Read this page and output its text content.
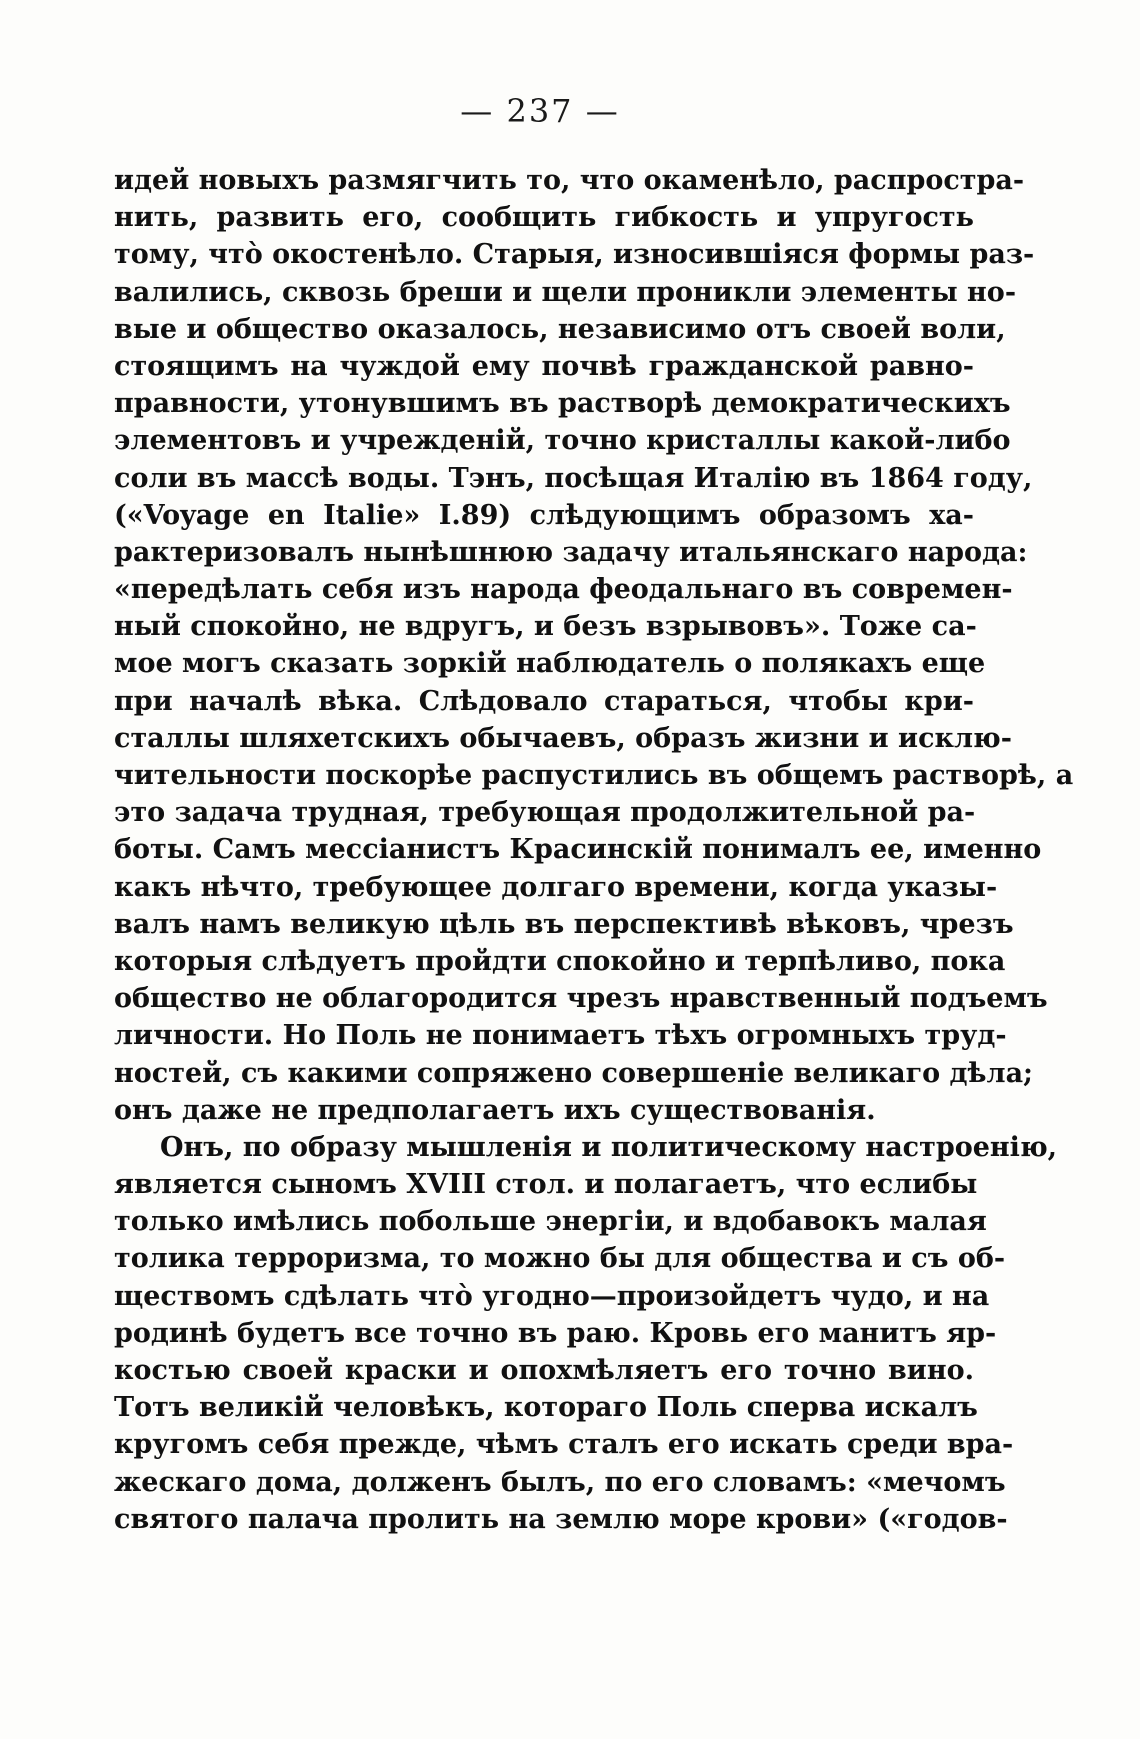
— 237 —
идей новыхъ размягчить то, что окаменѣло, распростра-
нить, развить его, сообщить гибкость и упругость
тому, что̀ окостенѣло. Старыя, износившіяся формы раз-
валились, сквозь бреши и щели проникли элементы но-
вые и общество оказалось, независимо отъ своей воли,
стоящимъ на чуждой ему почвѣ гражданской равно-
правности, утонувшимъ въ растворѣ демократическихъ
элементовъ и учрежденій, точно кристаллы какой-либо
соли въ массѣ воды. Тэнъ, посѣщая Италію въ 1864 году,
(«Voyage en Italie» I.89) слѣдующимъ образомъ ха-
рактеризовалъ нынѣшнюю задачу итальянскаго народа:
«передѣлать себя изъ народа феодальнаго въ современ-
ный спокойно, не вдругъ, и безъ взрывовъ». Тоже са-
мое могъ сказать зоркій наблюдатель о полякахъ еще
при началѣ вѣка. Слѣдовало стараться, чтобы кри-
сталлы шляхетскихъ обычаевъ, образъ жизни и исклю-
чительности поскорѣе распустились въ общемъ растворѣ, а
это задача трудная, требующая продолжительной ра-
боты. Самъ мессіанистъ Красинскій понималъ ее, именно
какъ нѣчто, требующее долгаго времени, когда указы-
валъ намъ великую цѣль въ перспективѣ вѣковъ, чрезъ
которыя слѣдуетъ пройдти спокойно и терпѣливо, пока
общество не облагородится чрезъ нравственный подъемъ
личности. Но Поль не понимаетъ тѣхъ огромныхъ труд-
ностей, съ какими сопряжено совершеніе великаго дѣла;
онъ даже не предполагаетъ ихъ существованія.
Онъ, по образу мышленія и политическому настроенію,
является сыномъ XVIII стол. и полагаетъ, что еслибы
только имѣлись побольше энергіи, и вдобавокъ малая
толика терроризма, то можно бы для общества и съ об-
ществомъ сдѣлать что̀ угодно—произойдетъ чудо, и на
родинѣ будетъ все точно въ раю. Кровь его манитъ яр-
костью своей краски и опохмѣляетъ его точно вино.
Тотъ великій человѣкъ, котораго Поль сперва искалъ
кругомъ себя прежде, чѣмъ сталъ его искать среди вра-
жескаго дома, долженъ былъ, по его словамъ: «мечомъ
святого палача пролить на землю море крови» («годов-
